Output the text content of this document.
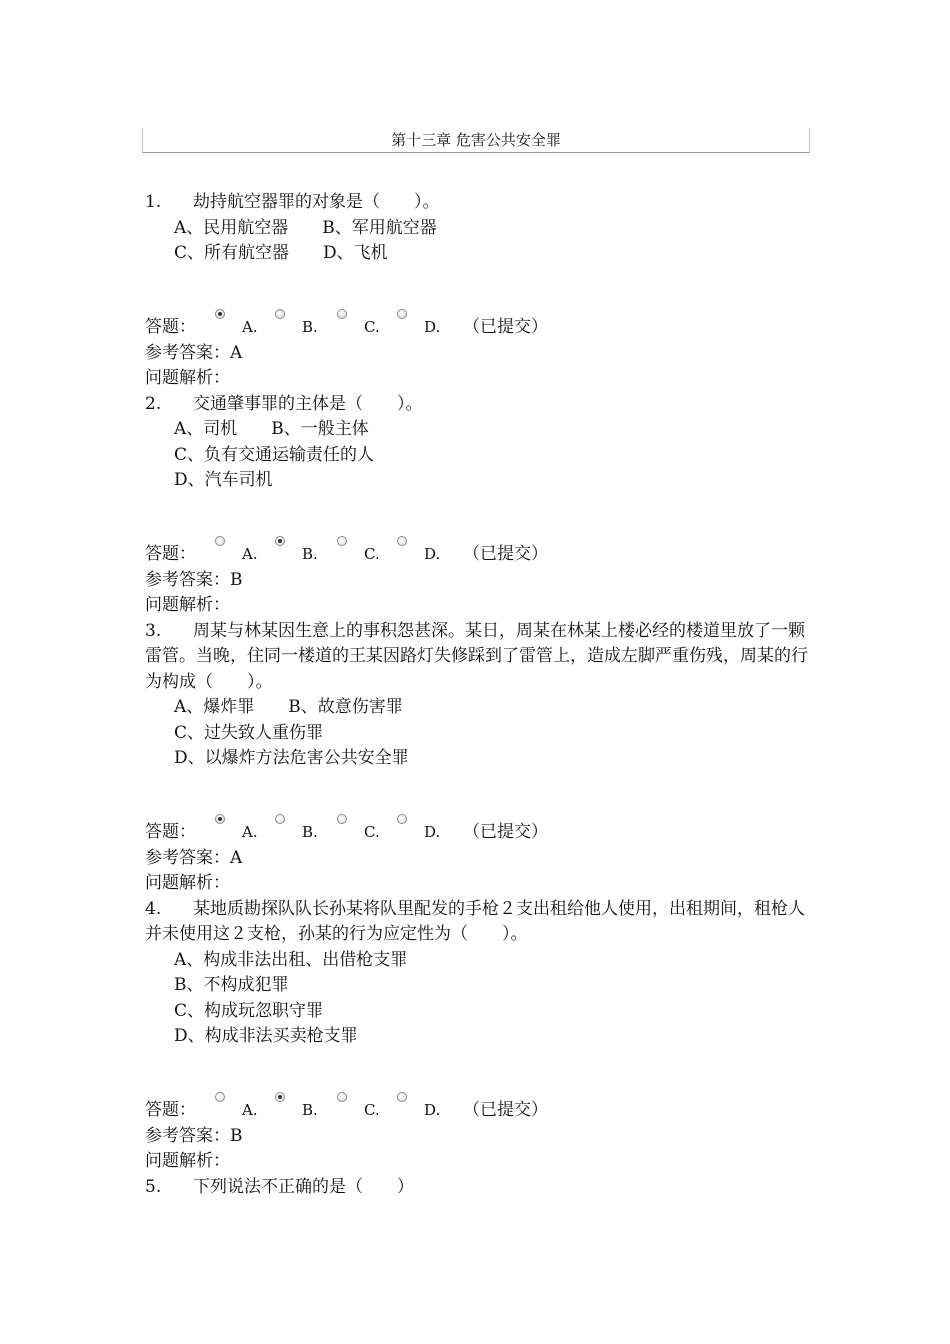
第十三章 危害公共安全罪

1. 劫持航空器罪的对象是（　　）。

A、民用航空器　　B、军用航空器

C、所有航空器　　D、飞机

答题：	A.	B.	C.	D. （已提交）
参考答案：A
问题解析：

2. 交通肇事罪的主体是（　　）。

A、司机　　B、一般主体

C、负有交通运输责任的人

D、汽车司机

答题：	A.	B.	C.	D. （已提交）
参考答案：B
问题解析：

3. 周某与林某因生意上的事积怨甚深。某日，周某在林某上楼必经的楼道里放了一颗雷管。当晚，住同一楼道的王某因路灯失修踩到了雷管上，造成左脚严重伤残，周某的行为构成（　　）。

A、爆炸罪　　B、故意伤害罪

C、过失致人重伤罪

D、以爆炸方法危害公共安全罪

答题：	A.	B.	C.	D. （已提交）
参考答案：A
问题解析：

4. 某地质勘探队队长孙某将队里配发的手枪２支出租给他人使用，出租期间，租枪人并未使用这２支枪，孙某的行为应定性为（　　）。

A、构成非法出租、出借枪支罪

B、不构成犯罪

C、构成玩忽职守罪

D、构成非法买卖枪支罪

答题：	A.	B.	C.	D. （已提交）
参考答案：B
问题解析：

5. 下列说法不正确的是（　　）
